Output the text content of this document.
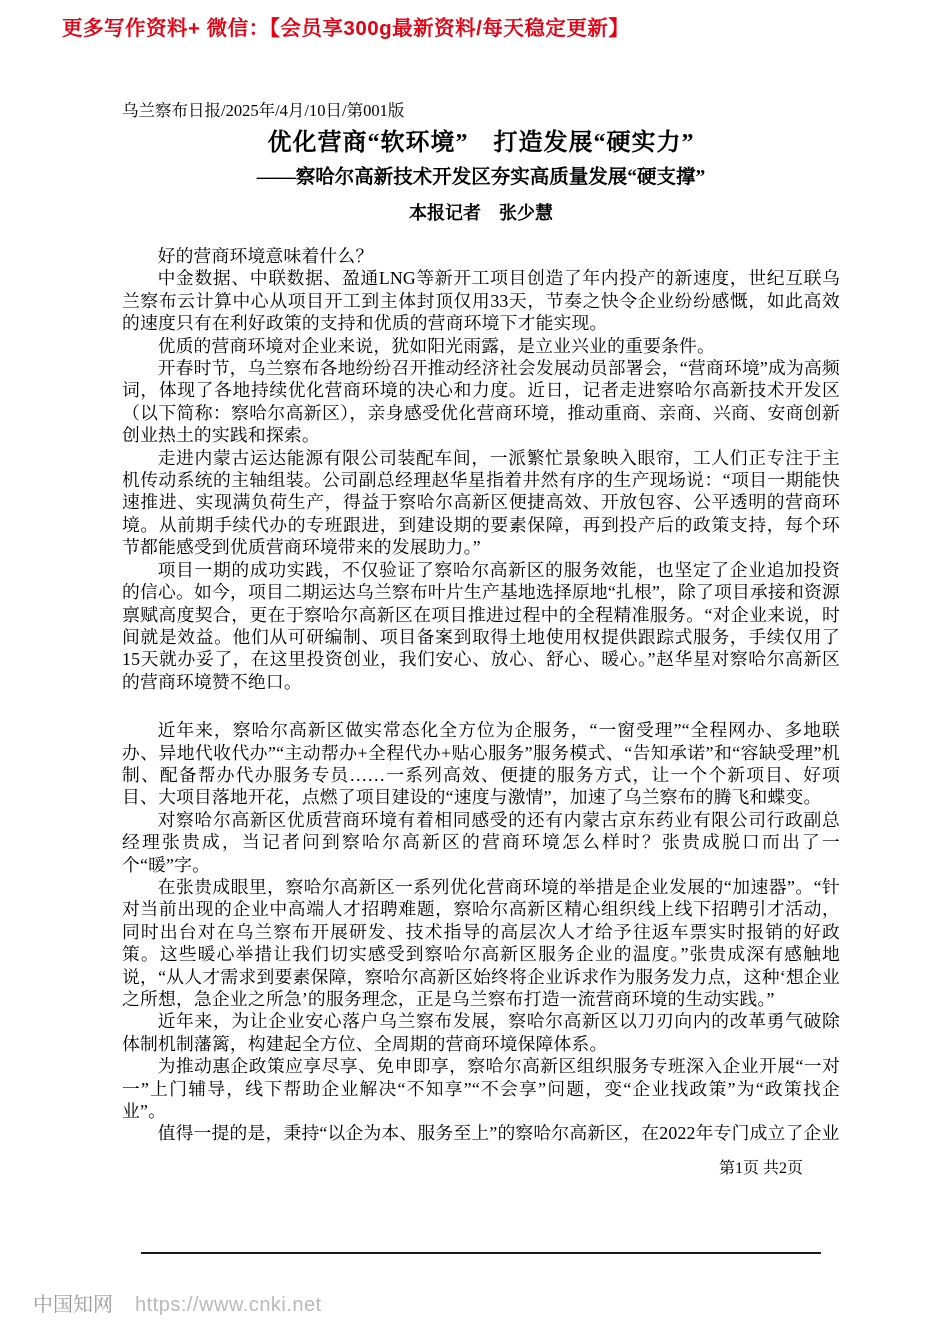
更多写作资料+ 微信：【会员享300g最新资料/每天稳定更新】
乌兰察布日报/2025年/4月/10日/第001版
优化营商“软环境”　打造发展“硬实力”
——察哈尔高新技术开发区夯实高质量发展“硬支撑”
本报记者　张少慧

好的营商环境意味着什么？

中金数据、中联数据、盈通LNG等新开工项目创造了年内投产的新速度，世纪互联乌兰察布云计算中心从项目开工到主体封顶仅用33天，节奏之快令企业纷纷感慨，如此高效的速度只有在利好政策的支持和优质的营商环境下才能实现。

优质的营商环境对企业来说，犹如阳光雨露，是立业兴业的重要条件。

开春时节，乌兰察布各地纷纷召开推动经济社会发展动员部署会，“营商环境”成为高频词，体现了各地持续优化营商环境的决心和力度。近日，记者走进察哈尔高新技术开发区（以下简称：察哈尔高新区），亲身感受优化营商环境，推动重商、亲商、兴商、安商创新创业热土的实践和探索。

走进内蒙古运达能源有限公司装配车间，一派繁忙景象映入眼帘，工人们正专注于主机传动系统的主轴组装。公司副总经理赵华星指着井然有序的生产现场说：“项目一期能快速推进、实现满负荷生产，得益于察哈尔高新区便捷高效、开放包容、公平透明的营商环境。从前期手续代办的专班跟进，到建设期的要素保障，再到投产后的政策支持，每个环节都能感受到优质营商环境带来的发展助力。”

项目一期的成功实践，不仅验证了察哈尔高新区的服务效能，也坚定了企业追加投资的信心。如今，项目二期运达乌兰察布叶片生产基地选择原地“扎根”，除了项目承接和资源禀赋高度契合，更在于察哈尔高新区在项目推进过程中的全程精准服务。“对企业来说，时间就是效益。他们从可研编制、项目备案到取得土地使用权提供跟踪式服务，手续仅用了15天就办妥了，在这里投资创业，我们安心、放心、舒心、暖心。”赵华星对察哈尔高新区的营商环境赞不绝口。

近年来，察哈尔高新区做实常态化全方位为企服务，“一窗受理”“全程网办、多地联办、异地代收代办”“主动帮办+全程代办+贴心服务”服务模式、“告知承诺”和“容缺受理”机制、配备帮办代办服务专员……一系列高效、便捷的服务方式，让一个个新项目、好项目、大项目落地开花，点燃了项目建设的“速度与激情”，加速了乌兰察布的腾飞和蝶变。

对察哈尔高新区优质营商环境有着相同感受的还有内蒙古京东药业有限公司行政副总经理张贵成，当记者问到察哈尔高新区的营商环境怎么样时？张贵成脱口而出了一个“暖”字。

在张贵成眼里，察哈尔高新区一系列优化营商环境的举措是企业发展的“加速器”。“针对当前出现的企业中高端人才招聘难题，察哈尔高新区精心组织线上线下招聘引才活动，同时出台对在乌兰察布开展研发、技术指导的高层次人才给予往返车票实时报销的好政策。这些暖心举措让我们切实感受到察哈尔高新区服务企业的温度。”张贵成深有感触地说，“从人才需求到要素保障，察哈尔高新区始终将企业诉求作为服务发力点，这种‘想企业之所想，急企业之所急’的服务理念，正是乌兰察布打造一流营商环境的生动实践。”

近年来，为让企业安心落户乌兰察布发展，察哈尔高新区以刀刃向内的改革勇气破除体制机制藩篱，构建起全方位、全周期的营商环境保障体系。

为推动惠企政策应享尽享、免申即享，察哈尔高新区组织服务专班深入企业开展“一对一”上门辅导，线下帮助企业解决“不知享”“不会享”问题，变“企业找政策”为“政策找企业”。

值得一提的是，秉持“以企为本、服务至上”的察哈尔高新区，在2022年专门成立了企业

第1页 共2页
中国知网 https://www.cnki.net
